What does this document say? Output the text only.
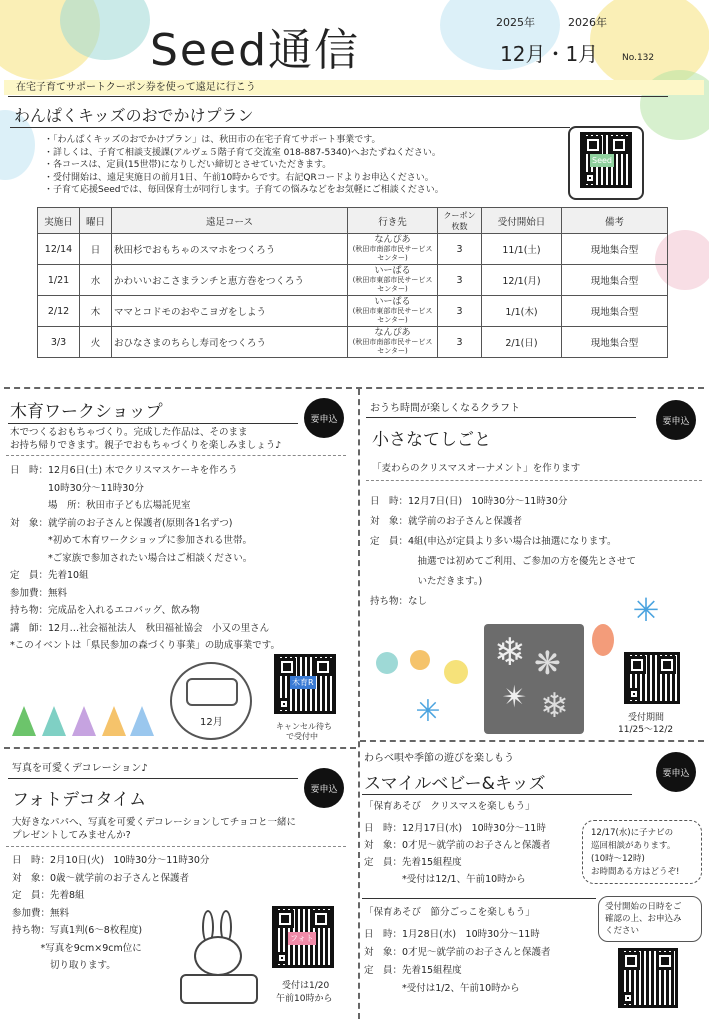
Seed通信
2025年	2026年
12月・1月	No.132
在宅子育てサポートクーポン券を使って遠足に行こう
わんぱくキッズのおでかけプラン
・「わんぱくキッズのおでかけプラン」は、秋田市の在宅子育てサポート事業です。
・詳しくは、子育て相談支援課(アルヴェ５階子育て交流室 018-887-5340)へおたずねください。
・各コースは、定員(15世帯)になりしだい締切とさせていただきます。
・受付開始は、遠足実施日の前月1日、午前10時からです。右記QRコードよりお申込ください。
・子育て応援Seedでは、毎回保育士が同行します。子育ての悩みなどをお気軽にご相談ください。
Seed
実施日	曜日	遠足コース	行き先	クーポン枚数	受付開始日	備考
12/14	日	秋田杉でおもちゃのスマホをつくろう	なんぴあ
(秋田市南部市民サービスセンター)	3	11/1(土)	現地集合型
1/21	水	かわいいおこさまランチと恵方巻をつくろう	いーぱる
(秋田市東部市民サービスセンター)	3	12/1(月)	現地集合型
2/12	木	ママとコドモのおやこヨガをしよう	いーぱる
(秋田市東部市民サービスセンター)	3	1/1(木)	現地集合型
3/3	火	おひなさまのちらし寿司をつくろう	なんぴあ
(秋田市南部市民サービスセンター)	3	2/1(日)	現地集合型
木育ワークショップ	要申込
木でつくるおもちゃづくり。完成した作品は、そのまま
お持ち帰りできます。親子でおもちゃづくりを楽しみましょう♪
日　時：12月6日(土) 木でクリスマスケーキを作ろう
　　　　10時30分～11時30分
　　　　場　所：秋田市子ども広場託児室
対　象：就学前のお子さんと保護者(原則各1名ずつ)
　　　　*初めて木育ワークショップに参加される世帯。
　　　　*ご家族で参加されたい場合はご相談ください。
定　員：先着10組
参加費：無料
持ち物：完成品を入れるエコバッグ、飲み物
講　師：12月…社会福祉法人　秋田福祉協会　小又の里さん
*このイベントは「県民参加の森づくり事業」の助成事業です。
12月
木育R
キャンセル待ち
で受付中
おうち時間が楽しくなるクラフト
要申込
小さなてしごと
「麦わらのクリスマスオーナメント」を作ります
日　時：12月7日(日)　10時30分～11時30分
対　象：就学前のお子さんと保護者
定　員：4組(申込が定員より多い場合は抽選になります。
　　　　　抽選では初めてご利用、ご参加の方を優先とさせて
　　　　　いただきます。)
持ち物：なし
✳
❄ ❋
✴ ❄
✳
受付期間
11/25～12/2
写真を可愛くデコレーション♪
要申込
フォトデコタイム
大好きなパパへ、写真を可愛くデコレーションしてチョコと一緒に
プレゼントしてみませんか?
日　時：2月10日(火)　10時30分～11時30分
対　象：0歳～就学前のお子さんと保護者
定　員：先着8組
参加費：無料
持ち物：写真1判(6～8枚程度)
　　　*写真を9cm×9cm位に
　　　　切り取ります。
フォト
受付は1/20
午前10時から
わらべ唄や季節の遊びを楽しもう
要申込
スマイルベビー&キッズ
「保育あそび　クリスマスを楽しもう」
日　時：12月17日(水)　10時30分～11時
対　象：0才児～就学前のお子さんと保護者
定　員：先着15組程度
　　　　*受付は12/1、午前10時から
12/17(水)に子ナビの
巡回相談があります。
(10時～12時)
お時間ある方はどうぞ!
「保育あそび　節分ごっこを楽しもう」
日　時：1月28日(水)　10時30分～11時
対　象：0才児～就学前のお子さんと保護者
定　員：先着15組程度
　　　　*受付は1/2、午前10時から
受付開始の日時をご
確認の上、お申込み
ください
